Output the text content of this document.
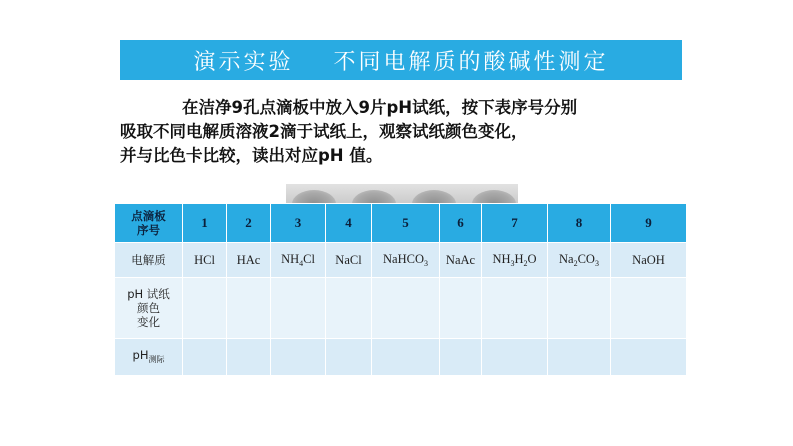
演示实验
不同电解质的酸碱性测定
在洁净9孔点滴板中放入9片pH试纸，按下表序号分别
吸取不同电解质溶液2滴于试纸上，观察试纸颜色变化，
并与比色卡比较，读出对应pH 值。
点滴板
序号	1	2	3	4	5	6	7	8	9
电解质	HCl	HAc	$NH_4Cl$	NaCl	NaHCO$_3$	NaAc	$NH_3H_2O$	$Na_2CO_3$	NaOH

pH 试纸
颜色
变化									

$pH_{测际}$									
